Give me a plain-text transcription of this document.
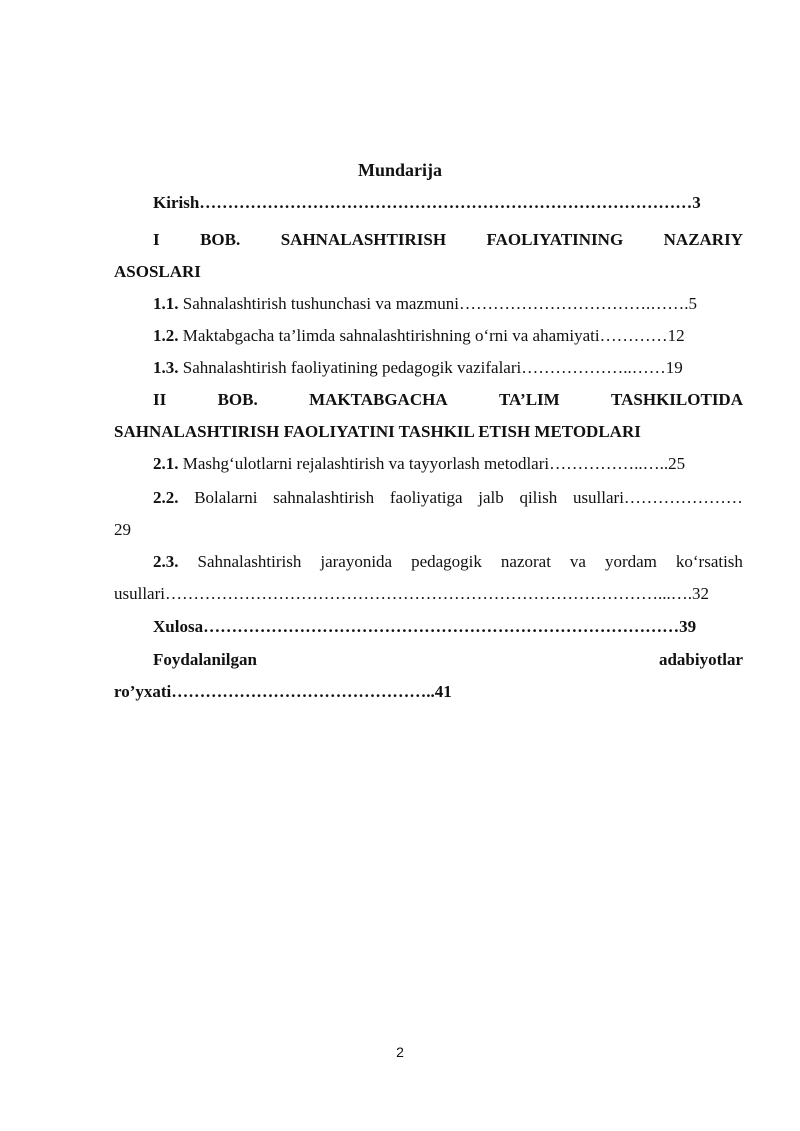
Mundarija
Kirish……………………………………………………………………………3
I BOB. SAHNALASHTIRISH FAOLIYATINING NAZARIY
ASOSLARI
1.1. Sahnalashtirish tushunchasi va mazmuni…………………………….…….5
1.2. Maktabgacha ta’limda sahnalashtirishning o‘rni va ahamiyati…………12
1.3. Sahnalashtirish faoliyatining pedagogik vazifalari………………..……19
II	BOB.	MAKTABGACHA	TA’LIM	TASHKILOTIDA
SAHNALASHTIRISH FAOLIYATINI TASHKIL ETISH METODLARI
2.1. Mashg‘ulotlarni rejalashtirish va tayyorlash metodlari……………..…..25
2.2. Bolalarni sahnalashtirish faoliyatiga jalb qilish usullari…………………
29
2.3. Sahnalashtirish jarayonida pedagogik nazorat va yordam ko‘rsatish
usullari……………………………………………………………………………...….32
Xulosa…………………………………………………………………………39
Foydalanilgan	adabiyotlar
ro’yxati………………………………………..41
2
